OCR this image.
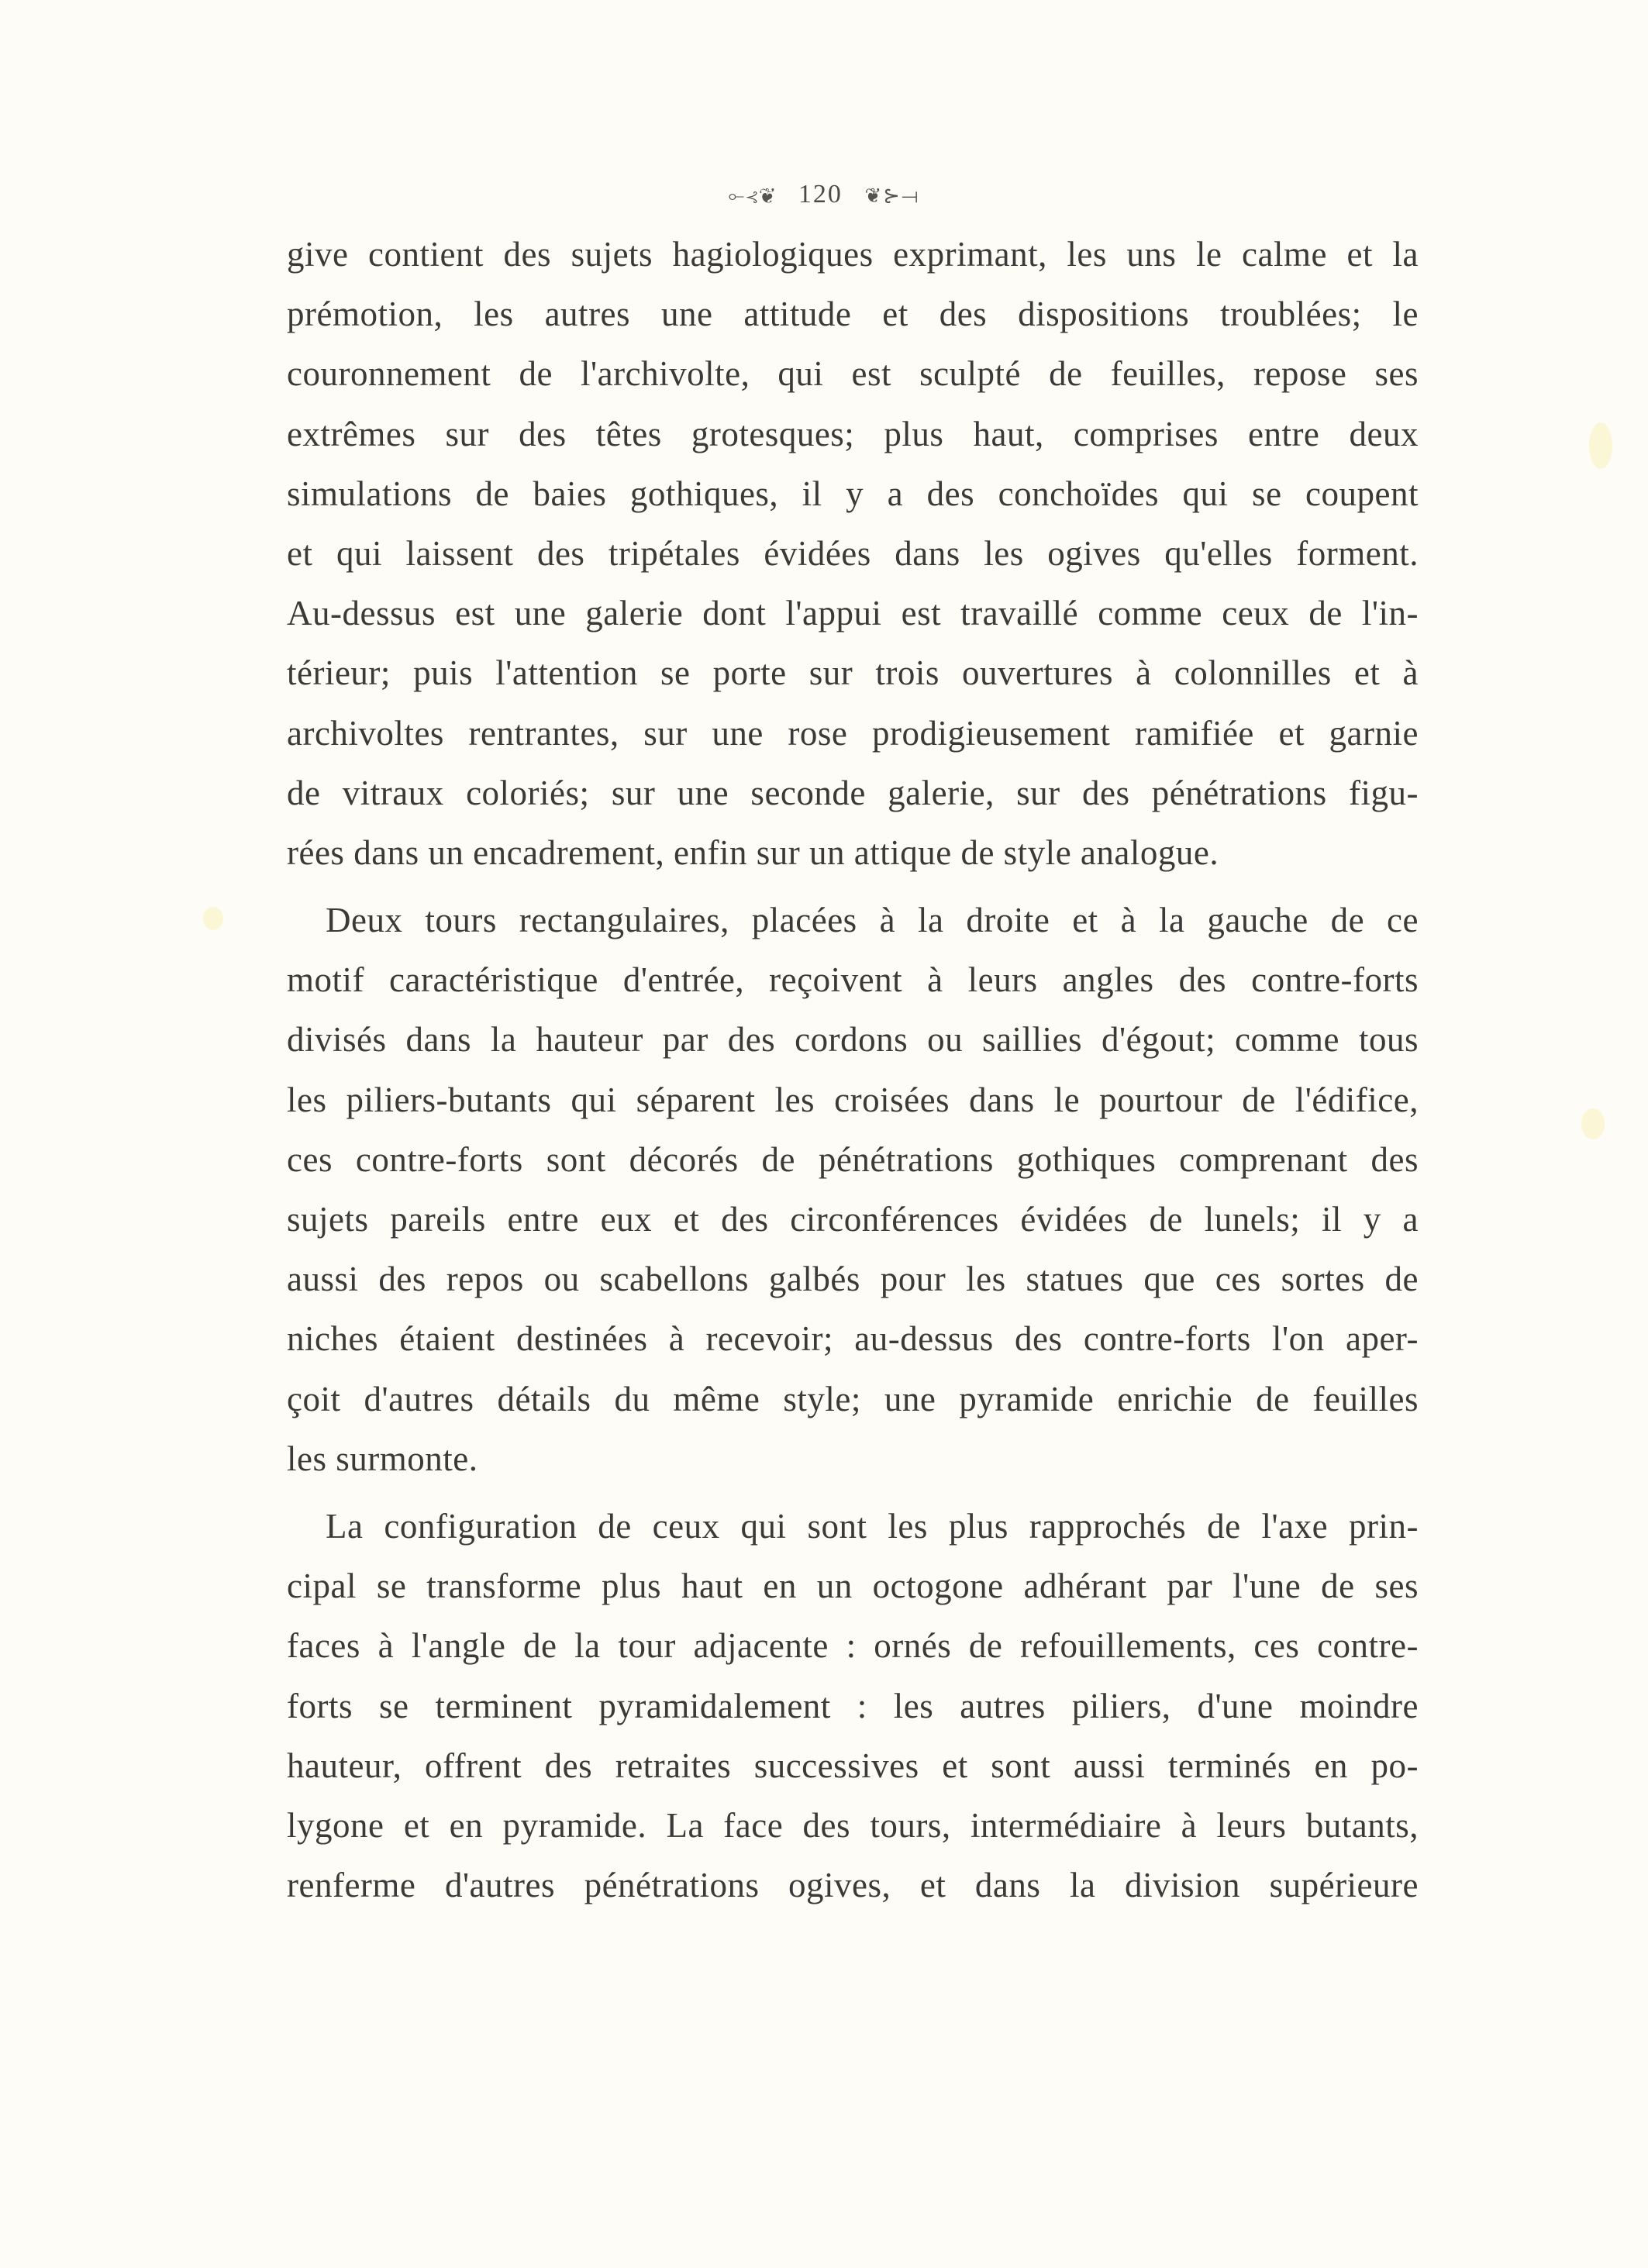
⟜⊰❦ 120 ❦⊱⟞
give contient des sujets hagiologiques exprimant, les uns le calme et la
prémotion, les autres une attitude et des dispositions troublées; le
couronnement de l'archivolte, qui est sculpté de feuilles, repose ses
extrêmes sur des têtes grotesques; plus haut, comprises entre deux
simulations de baies gothiques, il y a des conchoïdes qui se coupent
et qui laissent des tripétales évidées dans les ogives qu'elles forment.
Au-dessus est une galerie dont l'appui est travaillé comme ceux de l'in-
térieur; puis l'attention se porte sur trois ouvertures à colonnilles et à
archivoltes rentrantes, sur une rose prodigieusement ramifiée et garnie
de vitraux coloriés; sur une seconde galerie, sur des pénétrations figu-
rées dans un encadrement, enfin sur un attique de style analogue.
Deux tours rectangulaires, placées à la droite et à la gauche de ce
motif caractéristique d'entrée, reçoivent à leurs angles des contre-forts
divisés dans la hauteur par des cordons ou saillies d'égout; comme tous
les piliers-butants qui séparent les croisées dans le pourtour de l'édifice,
ces contre-forts sont décorés de pénétrations gothiques comprenant des
sujets pareils entre eux et des circonférences évidées de lunels; il y a
aussi des repos ou scabellons galbés pour les statues que ces sortes de
niches étaient destinées à recevoir; au-dessus des contre-forts l'on aper-
çoit d'autres détails du même style; une pyramide enrichie de feuilles
les surmonte.
La configuration de ceux qui sont les plus rapprochés de l'axe prin-
cipal se transforme plus haut en un octogone adhérant par l'une de ses
faces à l'angle de la tour adjacente : ornés de refouillements, ces contre-
forts se terminent pyramidalement : les autres piliers, d'une moindre
hauteur, offrent des retraites successives et sont aussi terminés en po-
lygone et en pyramide. La face des tours, intermédiaire à leurs butants,
renferme d'autres pénétrations ogives, et dans la division supérieure
